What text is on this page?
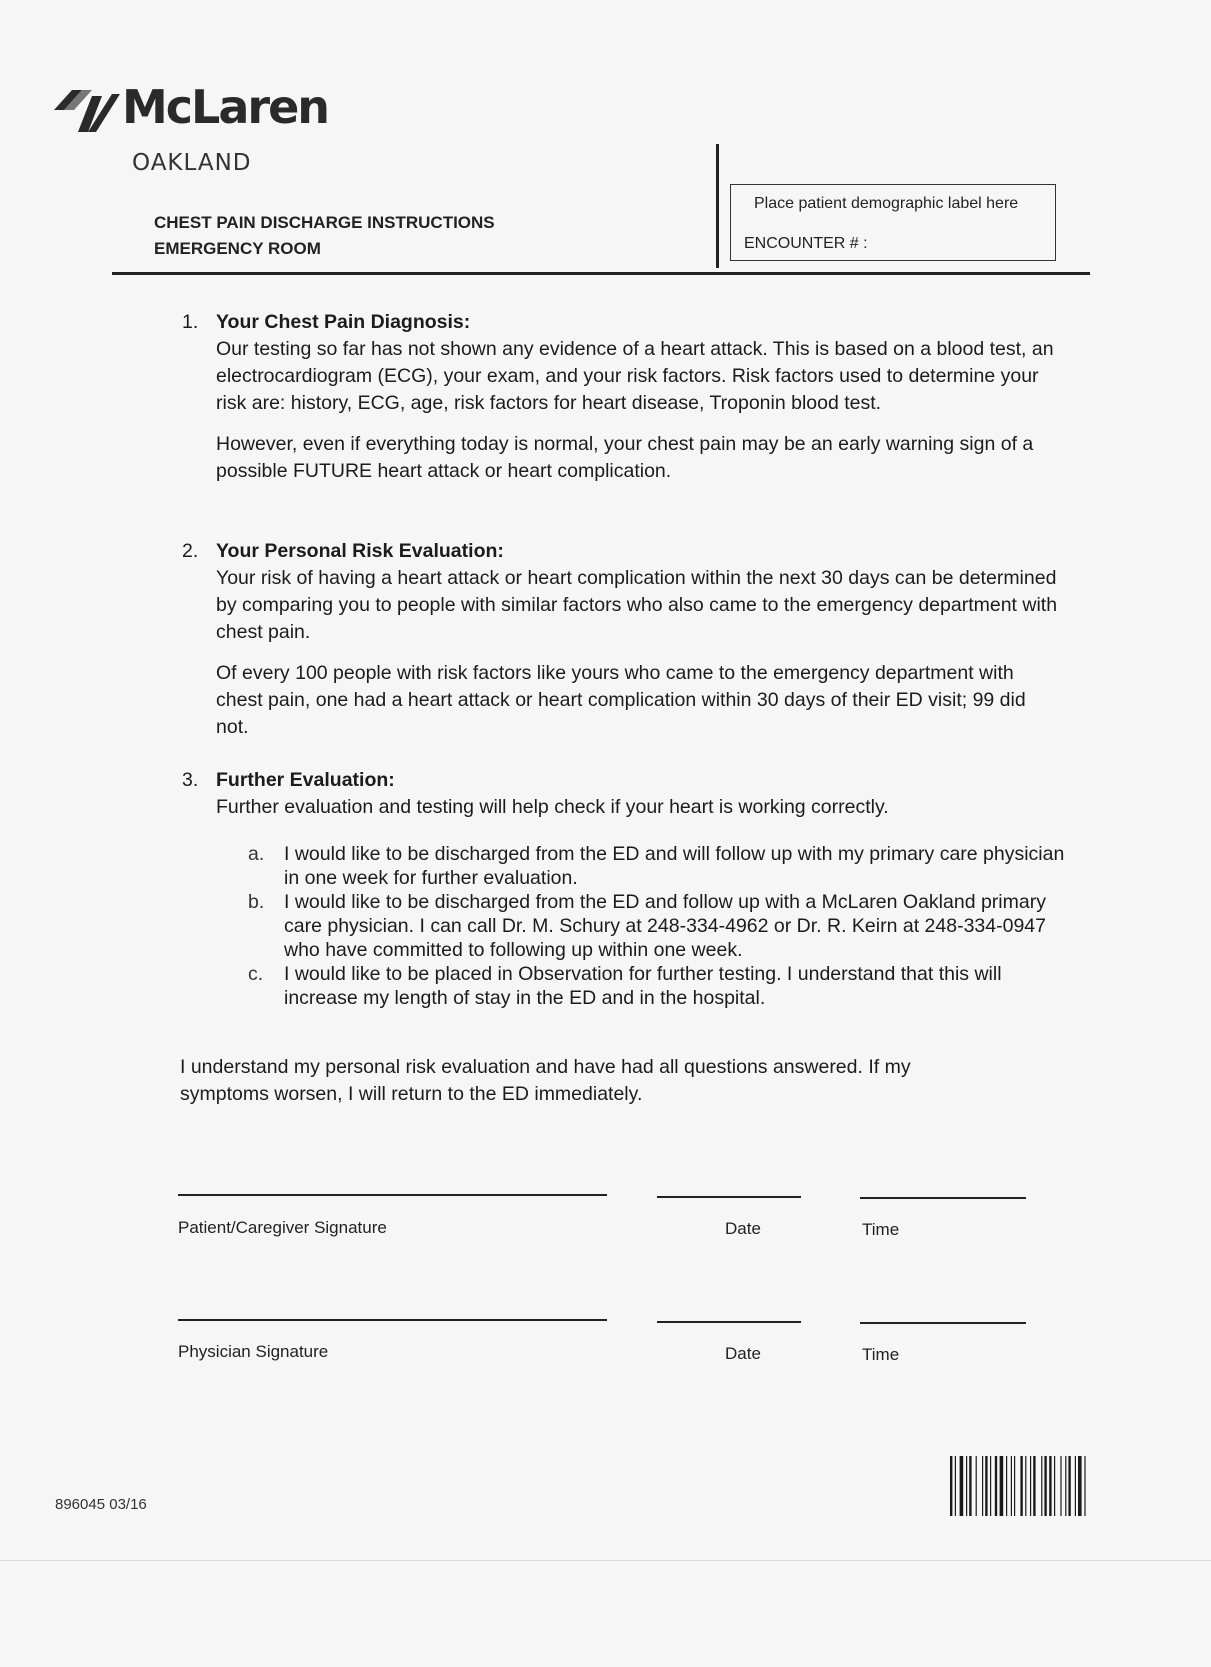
McLaren
OAKLAND
CHEST PAIN DISCHARGE INSTRUCTIONS
EMERGENCY ROOM
Place patient demographic label here
ENCOUNTER # :
1. Your Chest Pain Diagnosis:

Our testing so far has not shown any evidence of a heart attack. This is based on a blood test, an electrocardiogram (ECG), your exam, and your risk factors. Risk factors used to determine your risk are: history, ECG, age, risk factors for heart disease, Troponin blood test.

However, even if everything today is normal, your chest pain may be an early warning sign of a possible FUTURE heart attack or heart complication.

2. Your Personal Risk Evaluation:

Your risk of having a heart attack or heart complication within the next 30 days can be determined by comparing you to people with similar factors who also came to the emergency department with chest pain.

Of every 100 people with risk factors like yours who came to the emergency department with chest pain, one had a heart attack or heart complication within 30 days of their ED visit; 99 did not.

3. Further Evaluation:

Further evaluation and testing will help check if your heart is working correctly.

a. I would like to be discharged from the ED and will follow up with my primary care physician in one week for further evaluation.
b. I would like to be discharged from the ED and follow up with a McLaren Oakland primary care physician. I can call Dr. M. Schury at 248-334-4962 or Dr. R. Keirn at 248-334-0947 who have committed to following up within one week.
c. I would like to be placed in Observation for further testing. I understand that this will increase my length of stay in the ED and in the hospital.
I understand my personal risk evaluation and have had all questions answered. If my symptoms worsen, I will return to the ED immediately.
Patient/Caregiver Signature	Date	Time
Physician Signature	Date	Time
896045 03/16
